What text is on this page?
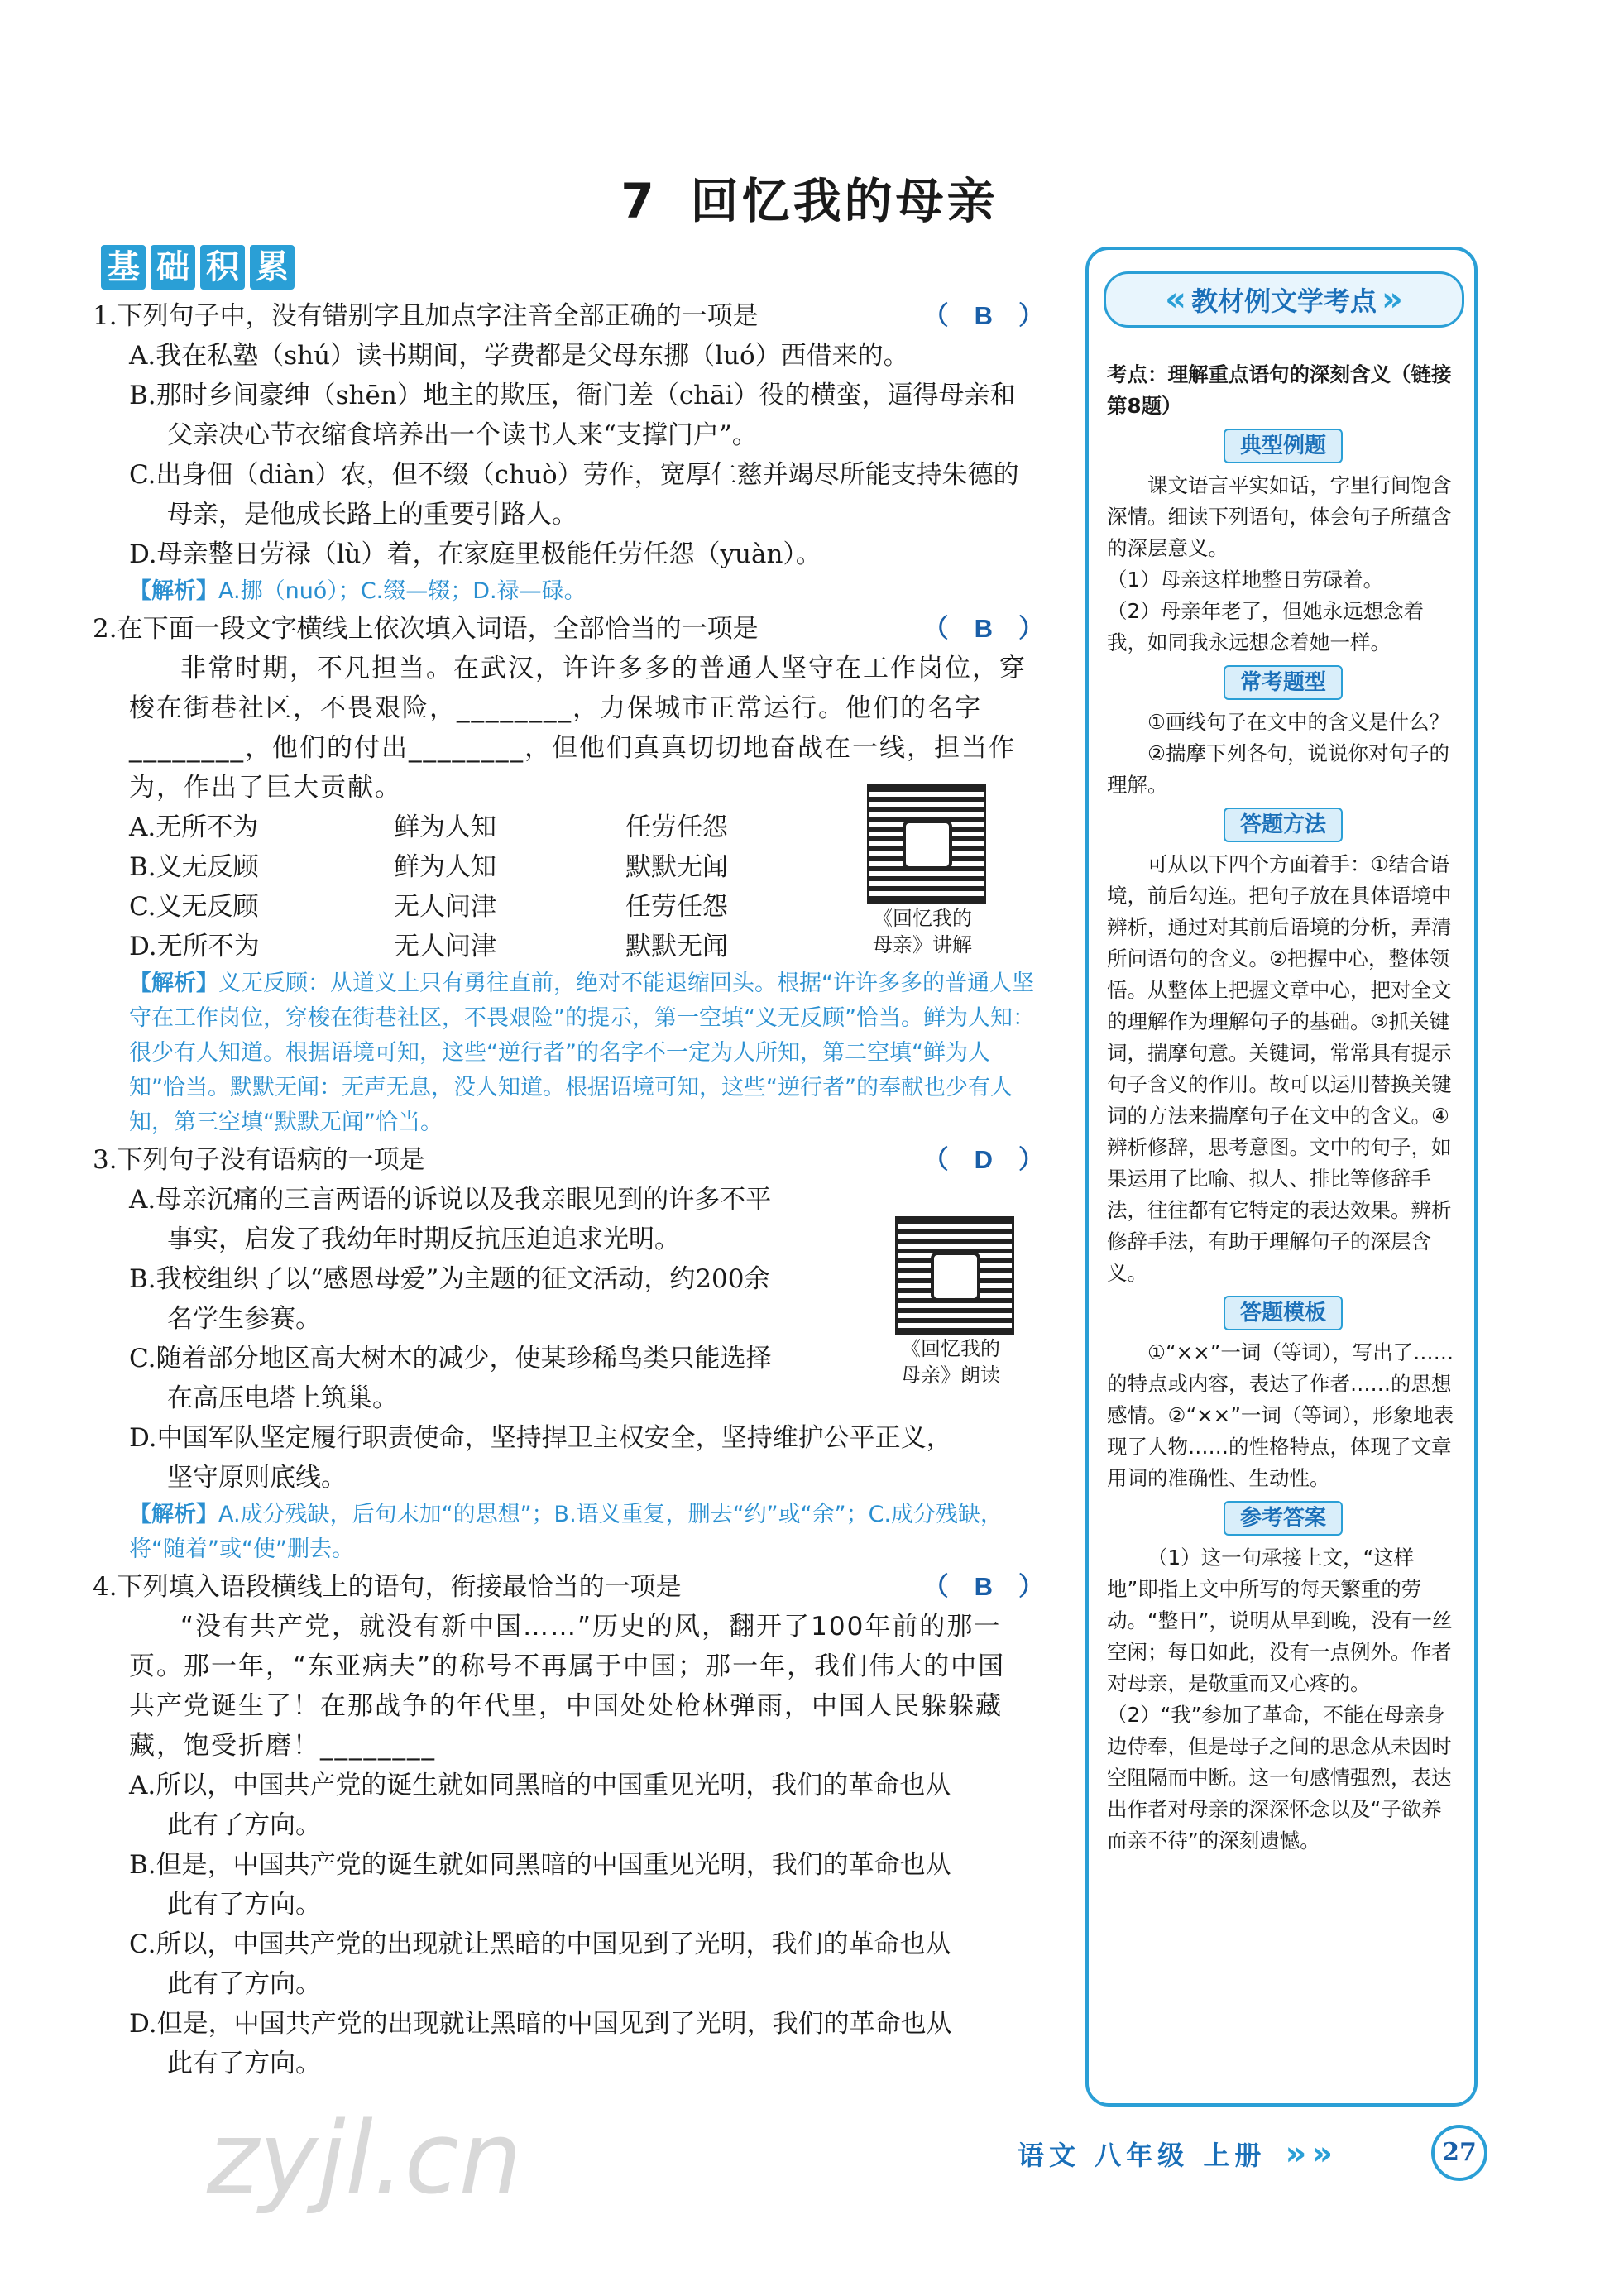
7 回忆我的母亲
基 础 积 累
1.下列句子中，没有错别字且加点字注音全部正确的一项是	（　B　）
A.我在私塾（shú）读书期间，学费都是父母东挪（luó）西借来的。
B.那时乡间豪绅（shēn）地主的欺压，衙门差（chāi）役的横蛮，逼得母亲和
父亲决心节衣缩食培养出一个读书人来“支撑门户”。
C.出身佃（diàn）农，但不缀（chuò）劳作，宽厚仁慈并竭尽所能支持朱德的
母亲，是他成长路上的重要引路人。
D.母亲整日劳禄（lù）着，在家庭里极能任劳任怨（yuàn）。
【解析】A.挪（nuó）；C.缀—辍；D.禄—碌。
2.在下面一段文字横线上依次填入词语，全部恰当的一项是	（　B　）
非常时期，不凡担当。在武汉，许许多多的普通人坚守在工作岗位，穿
梭在街巷社区，不畏艰险，________，力保城市正常运行。他们的名字
________，他们的付出________，但他们真真切切地奋战在一线，担当作
为，作出了巨大贡献。
A.无所不为	鲜为人知	任劳任怨
B.义无反顾	鲜为人知	默默无闻
C.义无反顾	无人问津	任劳任怨
D.无所不为	无人问津	默默无闻
【解析】义无反顾：从道义上只有勇往直前，绝对不能退缩回头。根据“许许多多的普通人坚守在工作岗位，穿梭在街巷社区，不畏艰险”的提示，第一空填“义无反顾”恰当。鲜为人知：很少有人知道。根据语境可知，这些“逆行者”的名字不一定为人所知，第二空填“鲜为人知”恰当。默默无闻：无声无息，没人知道。根据语境可知，这些“逆行者”的奉献也少有人知，第三空填“默默无闻”恰当。
3.下列句子没有语病的一项是	（　D　）
A.母亲沉痛的三言两语的诉说以及我亲眼见到的许多不平
事实，启发了我幼年时期反抗压迫追求光明。
B.我校组织了以“感恩母爱”为主题的征文活动，约200余
名学生参赛。
C.随着部分地区高大树木的减少，使某珍稀鸟类只能选择
在高压电塔上筑巢。
D.中国军队坚定履行职责使命，坚持捍卫主权安全，坚持维护公平正义，
坚守原则底线。
【解析】A.成分残缺，后句末加“的思想”；B.语义重复，删去“约”或“余”；C.成分残缺，将“随着”或“使”删去。
4.下列填入语段横线上的语句，衔接最恰当的一项是	（　B　）
“没有共产党，就没有新中国……”历史的风，翻开了100年前的那一
页。那一年，“东亚病夫”的称号不再属于中国；那一年，我们伟大的中国
共产党诞生了！在那战争的年代里，中国处处枪林弹雨，中国人民躲躲藏
藏，饱受折磨！________
A.所以，中国共产党的诞生就如同黑暗的中国重见光明，我们的革命也从
此有了方向。
B.但是，中国共产党的诞生就如同黑暗的中国重见光明，我们的革命也从
此有了方向。
C.所以，中国共产党的出现就让黑暗的中国见到了光明，我们的革命也从
此有了方向。
D.但是，中国共产党的出现就让黑暗的中国见到了光明，我们的革命也从
此有了方向。
《回忆我的
母亲》讲解
《回忆我的
母亲》朗读
« 教材例文学考点 »

考点：理解重点语句的深刻含义（链接第8题）

典型例题

课文语言平实如话，字里行间饱含深情。细读下列语句，体会句子所蕴含的深层意义。

（1）母亲这样地整日劳碌着。

（2）母亲年老了，但她永远想念着我，如同我永远想念着她一样。

常考题型

①画线句子在文中的含义是什么？

②揣摩下列各句，说说你对句子的理解。

答题方法

可从以下四个方面着手：①结合语境，前后勾连。把句子放在具体语境中辨析，通过对其前后语境的分析，弄清所问语句的含义。②把握中心，整体领悟。从整体上把握文章中心，把对全文的理解作为理解句子的基础。③抓关键词，揣摩句意。关键词，常常具有提示句子含义的作用。故可以运用替换关键词的方法来揣摩句子在文中的含义。④辨析修辞，思考意图。文中的句子，如果运用了比喻、拟人、排比等修辞手法，往往都有它特定的表达效果。辨析修辞手法，有助于理解句子的深层含义。

答题模板

①“××”一词（等词），写出了……的特点或内容，表达了作者……的思想感情。②“××”一词（等词），形象地表现了人物……的性格特点，体现了文章用词的准确性、生动性。

参考答案

（1）这一句承接上文，“这样地”即指上文中所写的每天繁重的劳动。“整日”，说明从早到晚，没有一丝空闲；每日如此，没有一点例外。作者对母亲，是敬重而又心疼的。（2）“我”参加了革命，不能在母亲身边侍奉，但是母子之间的思念从未因时空阻隔而中断。这一句感情强烈，表达出作者对母亲的深深怀念以及“子欲养而亲不待”的深刻遗憾。

语文 八年级 上册 »»	27
zyjl.cn
